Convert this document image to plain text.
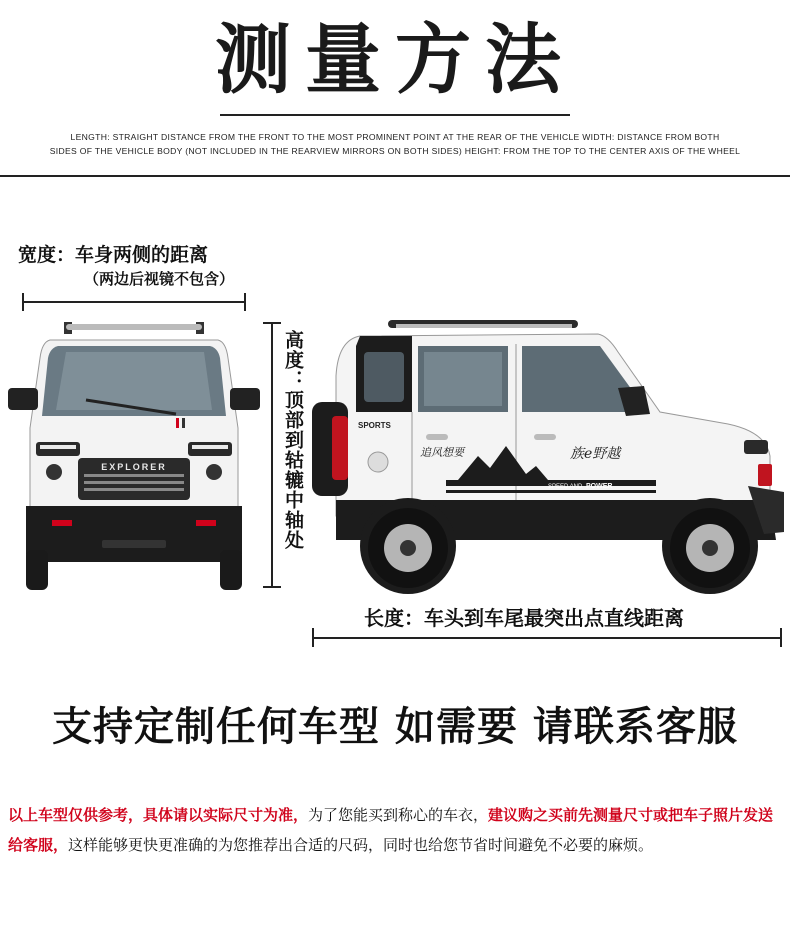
测量方法
LENGTH: STRAIGHT DISTANCE FROM THE FRONT TO THE MOST PROMINENT POINT AT THE REAR OF THE VEHICLE WIDTH: DISTANCE FROM BOTH
SIDES OF THE VEHICLE BODY (NOT INCLUDED IN THE REARVIEW MIRRORS ON BOTH SIDES) HEIGHT: FROM THE TOP TO THE CENTER AXIS OF THE WHEEL
宽度：车身两侧的距离
（两边后视镜不包含）
EXPLORER	高度：顶部到轱辘中轴处	SPORTS
追风想要	族e野越
SPEED AND POWER
长度：车头到车尾最突出点直线距离
支持定制任何车型 如需要 请联系客服
以上车型仅供参考，具体请以实际尺寸为准，为了您能买到称心的车衣，建议购之买前先测量尺寸或把车子照片发送给客服，这样能够更快更准确的为您推荐出合适的尺码，同时也给您节省时间避免不必要的麻烦。
